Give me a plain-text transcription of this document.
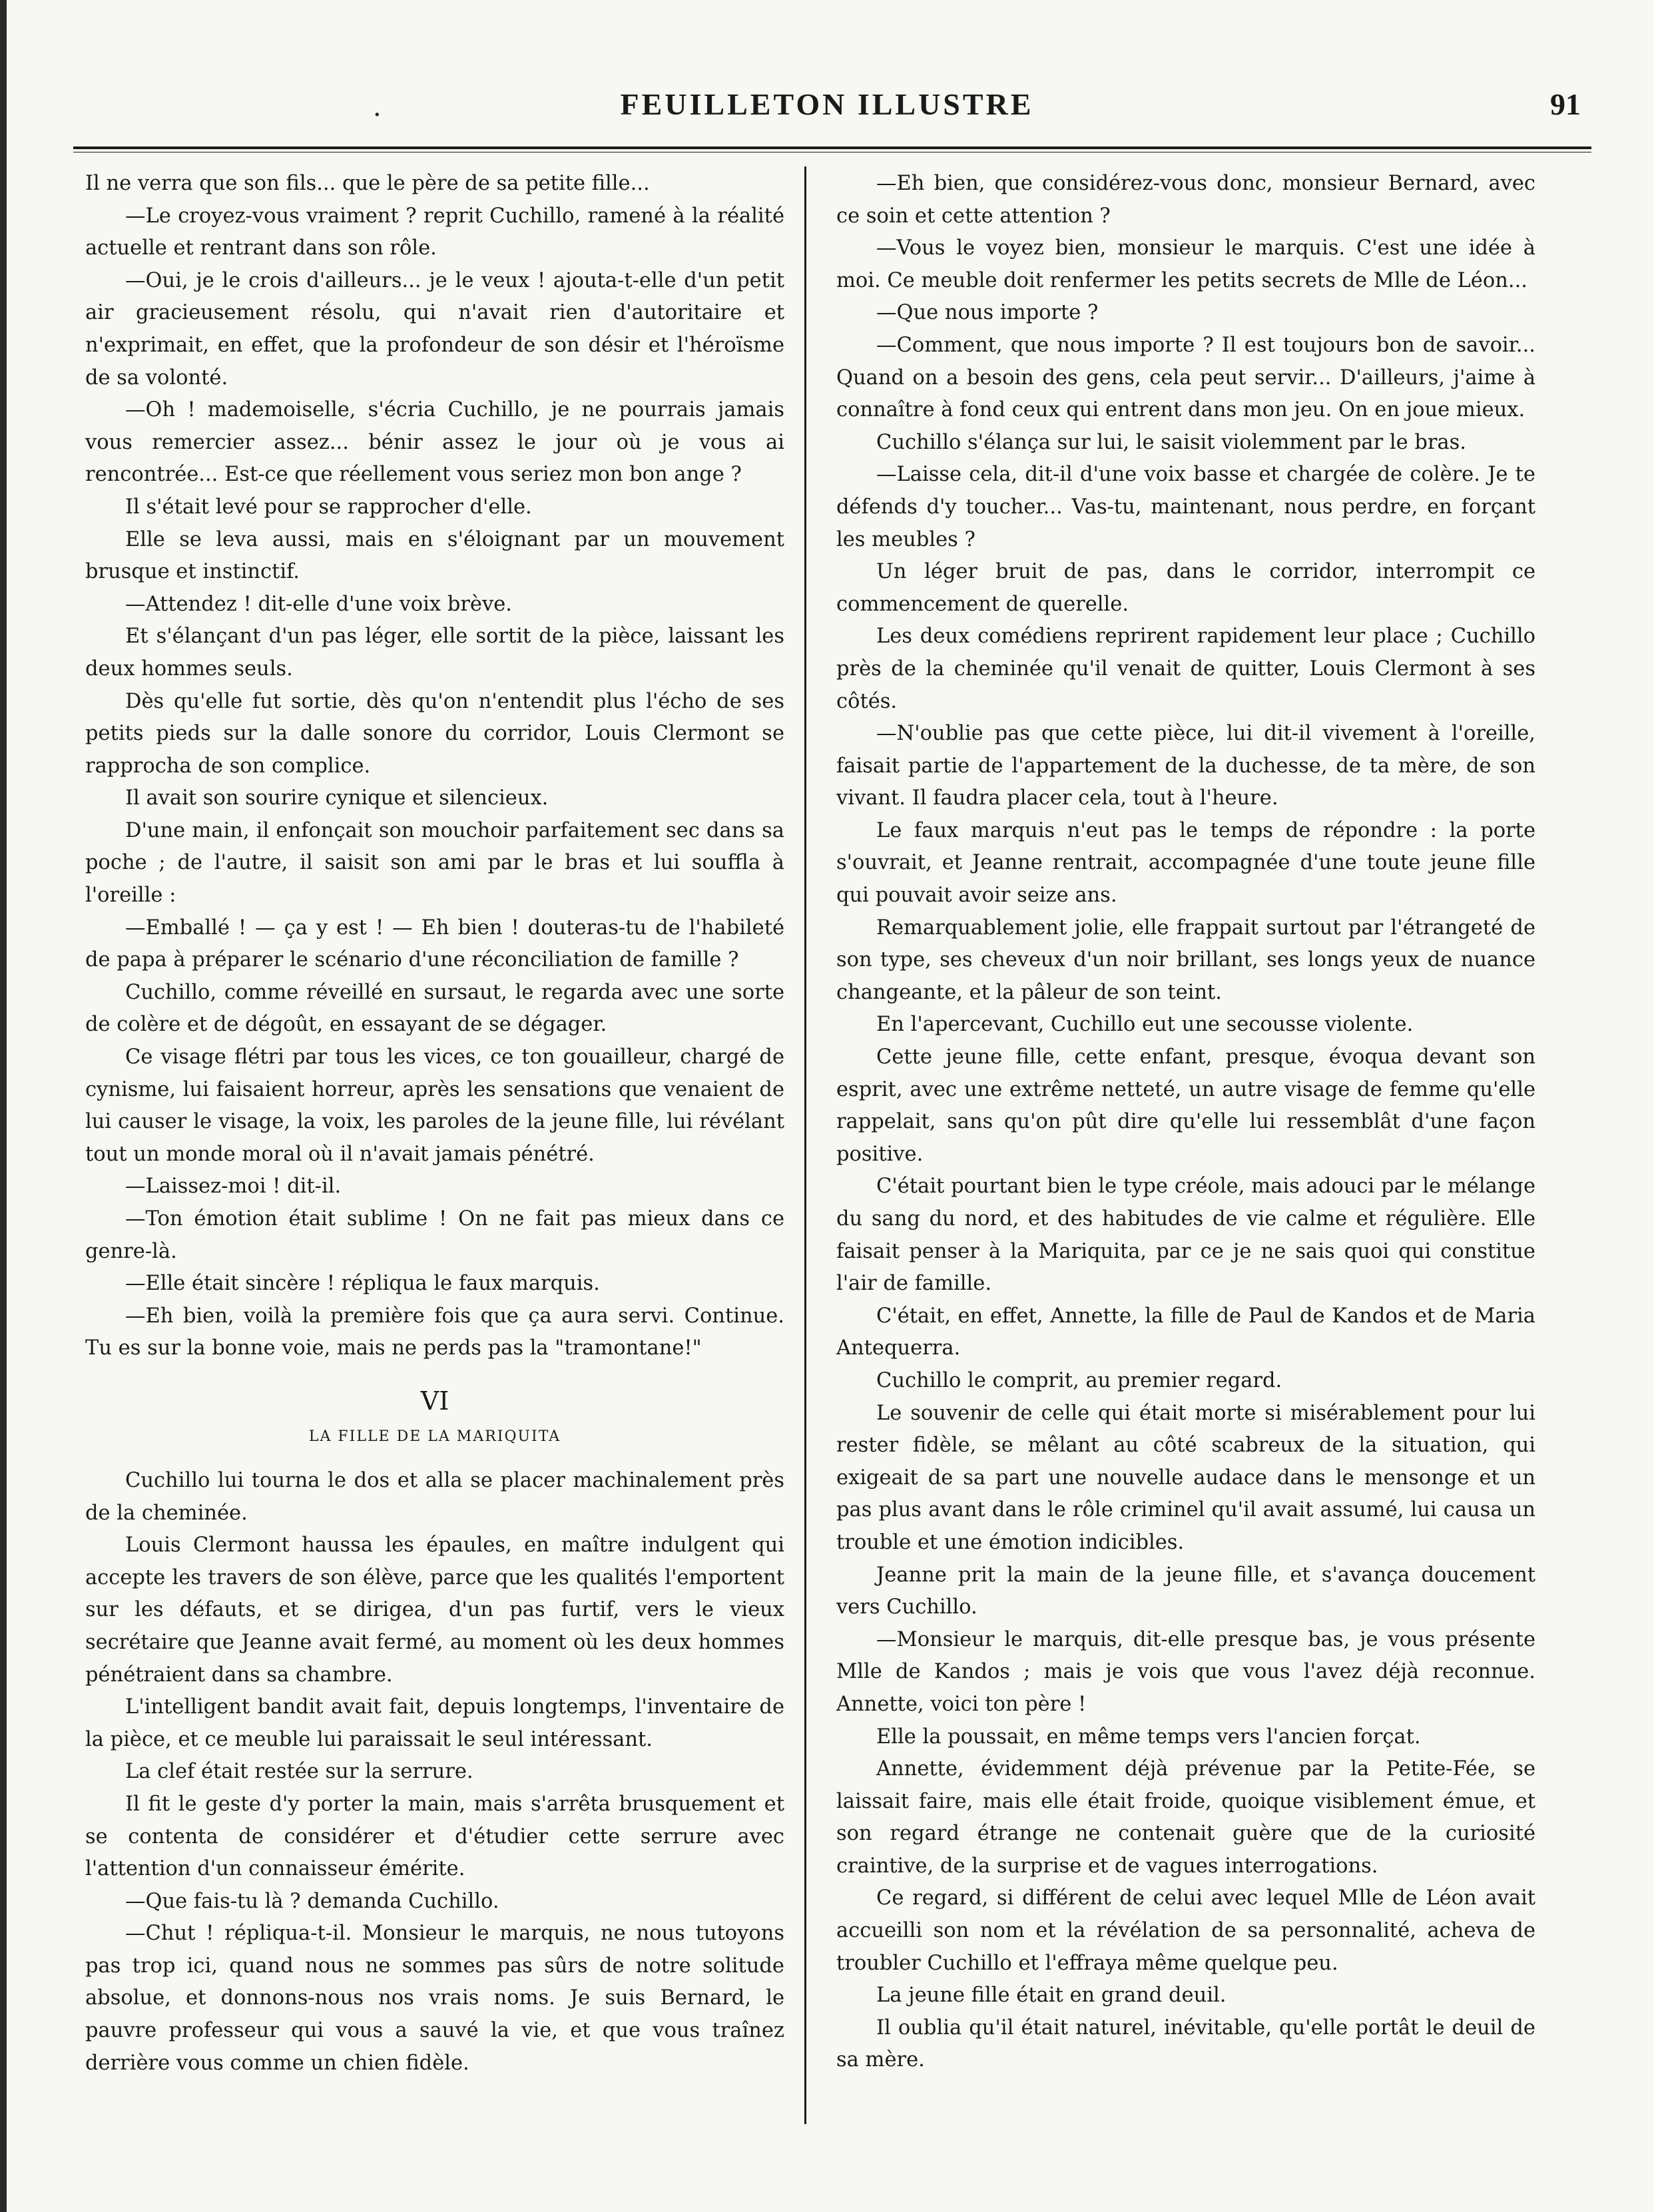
·	FEUILLETON ILLUSTRE	91

Il ne verra que son fils... que le père de sa petite fille...

—Le croyez-vous vraiment ? reprit Cuchillo, ramené à la réalité actuelle et rentrant dans son rôle.

—Oui, je le crois d'ailleurs... je le veux ! ajouta-t-elle d'un petit air gracieusement résolu, qui n'avait rien d'autoritaire et n'exprimait, en effet, que la profondeur de son désir et l'héroïsme de sa volonté.

—Oh ! mademoiselle, s'écria Cuchillo, je ne pourrais jamais vous remercier assez... bénir assez le jour où je vous ai rencontrée... Est-ce que réellement vous seriez mon bon ange ?

Il s'était levé pour se rapprocher d'elle.

Elle se leva aussi, mais en s'éloignant par un mouvement brusque et instinctif.

—Attendez ! dit-elle d'une voix brève.

Et s'élançant d'un pas léger, elle sortit de la pièce, laissant les deux hommes seuls.

Dès qu'elle fut sortie, dès qu'on n'entendit plus l'écho de ses petits pieds sur la dalle sonore du corridor, Louis Clermont se rapprocha de son complice.

Il avait son sourire cynique et silencieux.

D'une main, il enfonçait son mouchoir parfaitement sec dans sa poche ; de l'autre, il saisit son ami par le bras et lui souffla à l'oreille :

—Emballé ! — ça y est ! — Eh bien ! douteras-tu de l'habileté de papa à préparer le scénario d'une réconciliation de famille ?

Cuchillo, comme réveillé en sursaut, le regarda avec une sorte de colère et de dégoût, en essayant de se dégager.

Ce visage flétri par tous les vices, ce ton gouailleur, chargé de cynisme, lui faisaient horreur, après les sensations que venaient de lui causer le visage, la voix, les paroles de la jeune fille, lui révélant tout un monde moral où il n'avait jamais pénétré.

—Laissez-moi ! dit-il.

—Ton émotion était sublime ! On ne fait pas mieux dans ce genre-là.

—Elle était sincère ! répliqua le faux marquis.

—Eh bien, voilà la première fois que ça aura servi. Continue. Tu es sur la bonne voie, mais ne perds pas la "tramontane!"

VI
LA FILLE DE LA MARIQUITA

Cuchillo lui tourna le dos et alla se placer machinalement près de la cheminée.

Louis Clermont haussa les épaules, en maître indulgent qui accepte les travers de son élève, parce que les qualités l'emportent sur les défauts, et se dirigea, d'un pas furtif, vers le vieux secrétaire que Jeanne avait fermé, au moment où les deux hommes pénétraient dans sa chambre.

L'intelligent bandit avait fait, depuis longtemps, l'inventaire de la pièce, et ce meuble lui paraissait le seul intéressant.

La clef était restée sur la serrure.

Il fit le geste d'y porter la main, mais s'arrêta brusquement et se contenta de considérer et d'étudier cette serrure avec l'attention d'un connaisseur émérite.

—Que fais-tu là ? demanda Cuchillo.

—Chut ! répliqua-t-il. Monsieur le marquis, ne nous tutoyons pas trop ici, quand nous ne sommes pas sûrs de notre solitude absolue, et donnons-nous nos vrais noms. Je suis Bernard, le pauvre professeur qui vous a sauvé la vie, et que vous traînez derrière vous comme un chien fidèle.

—Eh bien, que considérez-vous donc, monsieur Bernard, avec ce soin et cette attention ?

—Vous le voyez bien, monsieur le marquis. C'est une idée à moi. Ce meuble doit renfermer les petits secrets de Mlle de Léon...

—Que nous importe ?

—Comment, que nous importe ? Il est toujours bon de savoir... Quand on a besoin des gens, cela peut servir... D'ailleurs, j'aime à connaître à fond ceux qui entrent dans mon jeu. On en joue mieux.

Cuchillo s'élança sur lui, le saisit violemment par le bras.

—Laisse cela, dit-il d'une voix basse et chargée de colère. Je te défends d'y toucher... Vas-tu, maintenant, nous perdre, en forçant les meubles ?

Un léger bruit de pas, dans le corridor, interrompit ce commencement de querelle.

Les deux comédiens reprirent rapidement leur place ; Cuchillo près de la cheminée qu'il venait de quitter, Louis Clermont à ses côtés.

—N'oublie pas que cette pièce, lui dit-il vivement à l'oreille, faisait partie de l'appartement de la duchesse, de ta mère, de son vivant. Il faudra placer cela, tout à l'heure.

Le faux marquis n'eut pas le temps de répondre : la porte s'ouvrait, et Jeanne rentrait, accompagnée d'une toute jeune fille qui pouvait avoir seize ans.

Remarquablement jolie, elle frappait surtout par l'étrangeté de son type, ses cheveux d'un noir brillant, ses longs yeux de nuance changeante, et la pâleur de son teint.

En l'apercevant, Cuchillo eut une secousse violente.

Cette jeune fille, cette enfant, presque, évoqua devant son esprit, avec une extrême netteté, un autre visage de femme qu'elle rappelait, sans qu'on pût dire qu'elle lui ressemblât d'une façon positive.

C'était pourtant bien le type créole, mais adouci par le mélange du sang du nord, et des habitudes de vie calme et régulière. Elle faisait penser à la Mariquita, par ce je ne sais quoi qui constitue l'air de famille.

C'était, en effet, Annette, la fille de Paul de Kandos et de Maria Antequerra.

Cuchillo le comprit, au premier regard.

Le souvenir de celle qui était morte si misérablement pour lui rester fidèle, se mêlant au côté scabreux de la situation, qui exigeait de sa part une nouvelle audace dans le mensonge et un pas plus avant dans le rôle criminel qu'il avait assumé, lui causa un trouble et une émotion indicibles.

Jeanne prit la main de la jeune fille, et s'avança doucement vers Cuchillo.

—Monsieur le marquis, dit-elle presque bas, je vous présente Mlle de Kandos ; mais je vois que vous l'avez déjà reconnue. Annette, voici ton père !

Elle la poussait, en même temps vers l'ancien forçat.

Annette, évidemment déjà prévenue par la Petite-Fée, se laissait faire, mais elle était froide, quoique visiblement émue, et son regard étrange ne contenait guère que de la curiosité craintive, de la surprise et de vagues interrogations.

Ce regard, si différent de celui avec lequel Mlle de Léon avait accueilli son nom et la révélation de sa personnalité, acheva de troubler Cuchillo et l'effraya même quelque peu.

La jeune fille était en grand deuil.

Il oublia qu'il était naturel, inévitable, qu'elle portât le deuil de sa mère.
